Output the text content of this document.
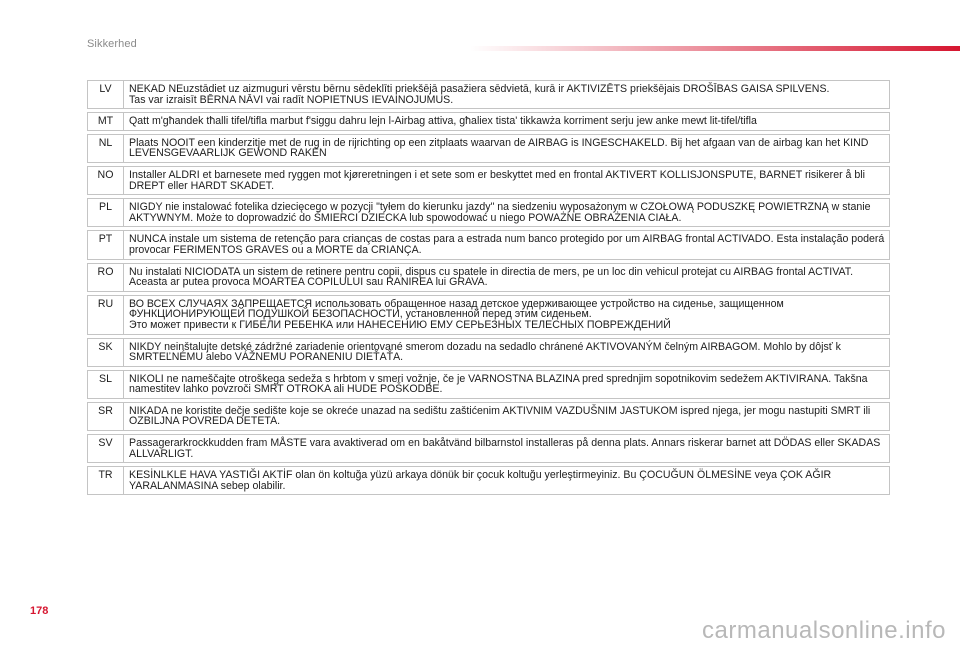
Sikkerhed
LV	NEKAD NEuzstādiet uz aizmuguri vērstu bērnu sēdeklīti priekšējā pasažiera sēdvietā, kurā ir AKTIVIZĒTS priekšējais DROŠĪBAS GAISA SPILVENS.
Tas var izraisīt BĒRNA NĀVI vai radīt NOPIETNUS IEVAINOJUMUS.

MT	Qatt m'għandek tħalli tifel/tifla marbut f'siggu dahru lejn l-Airbag attiva, għaliex tista' tikkawża korriment serju jew anke mewt lit-tifel/tifla

NL	Plaats NOOIT een kinderzitje met de rug in de rijrichting op een zitplaats waarvan de AIRBAG is INGESCHAKELD. Bij het afgaan van de airbag kan het KIND LEVENSGEVAARLIJK GEWOND RAKEN

NO	Installer ALDRI et barnesete med ryggen mot kjøreretningen i et sete som er beskyttet med en frontal AKTIVERT KOLLISJONSPUTE, BARNET risikerer å bli DREPT eller HARDT SKADET.

PL	NIGDY nie instalować fotelika dziecięcego w pozycji "tyłem do kierunku jazdy" na siedzeniu wyposażonym w CZOŁOWĄ PODUSZKĘ POWIETRZNĄ w stanie AKTYWNYM. Może to doprowadzić do ŚMIERCI DZIECKA lub spowodować u niego POWAŻNE OBRAŻENIA CIAŁA.

PT	NUNCA instale um sistema de retenção para crianças de costas para a estrada num banco protegido por um AIRBAG frontal ACTIVADO. Esta instalação poderá provocar FERIMENTOS GRAVES ou a MORTE da CRIANÇA.

RO	Nu instalati NICIODATA un sistem de retinere pentru copii, dispus cu spatele in directia de mers, pe un loc din vehicul protejat cu AIRBAG frontal ACTIVAT. Aceasta ar putea provoca MOARTEA COPILULUI sau RANIREA lui GRAVA.

RU	ВО ВСЕХ СЛУЧАЯХ ЗАПРЕЩАЕТСЯ использовать обращенное назад детское удерживающее устройство на сиденье, защищенном ФУНКЦИОНИРУЮЩЕЙ ПОДУШКОЙ БЕЗОПАСНОСТИ, установленной перед этим сиденьем.
Это может привести к ГИБЕЛИ РЕБЕНКА или НАНЕСЕНИЮ ЕМУ СЕРЬЕЗНЫХ ТЕЛЕСНЫХ ПОВРЕЖДЕНИЙ

SK	NIKDY neinštalujte detské zádržné zariadenie orientované smerom dozadu na sedadlo chránené AKTIVOVANÝM čelným AIRBAGOM. Mohlo by dôjsť k SMRTEĽNÉMU alebo VÁŽNEMU PORANENIU DIEŤAŤA.

SL	NIKOLI ne nameščajte otroškega sedeža s hrbtom v smeri vožnje, če je VARNOSTNA BLAZINA pred sprednjim sopotnikovim sedežem AKTIVIRANA. Takšna namestitev lahko povzroči SMRT OTROKA ali HUDE POŠKODBE.

SR	NIKADA ne koristite dečje sedište koje se okreće unazad na sedištu zaštićenim AKTIVNIM VAZDUŠNIM JASTUKOM ispred njega, jer mogu nastupiti SMRT ili OZBILJNA POVREDA DETETA.

SV	Passagerarkrockkudden fram MÅSTE vara avaktiverad om en bakåtvänd bilbarnstol installeras på denna plats. Annars riskerar barnet att DÖDAS eller SKADAS ALLVARLIGT.

TR	KESİNLKLE HAVA YASTIĞI AKTİF olan ön koltuğa yüzü arkaya dönük bir çocuk koltuğu yerleştirmeyiniz. Bu ÇOCUĞUN ÖLMESİNE veya ÇOK AĞIR YARALANMASINA sebep olabilir.
178
carmanualsonline.info
